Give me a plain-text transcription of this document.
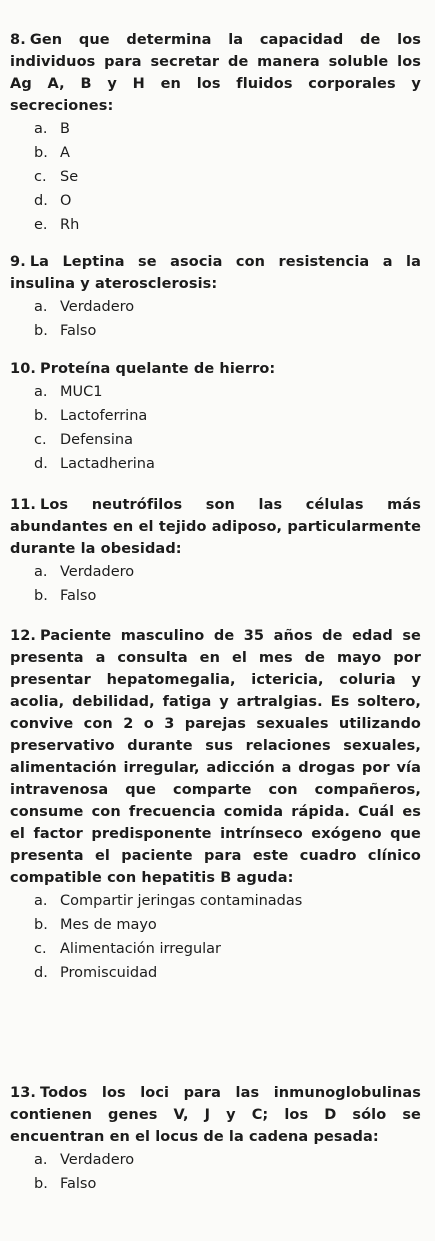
8. Gen que determina la capacidad de los individuos para secretar de manera soluble los Ag A, B y H en los fluidos corporales y secreciones:

a. B
b. A
c. Se
d. O
e. Rh

9. La Leptina se asocia con resistencia a la insulina y aterosclerosis:

a. Verdadero
b. Falso

10. Proteína quelante de hierro:

a. MUC1
b. Lactoferrina
c. Defensina
d. Lactadherina

11. Los neutrófilos son las células más abundantes en el tejido adiposo, particularmente durante la obesidad:

a. Verdadero
b. Falso

12. Paciente masculino de 35 años de edad se presenta a consulta en el mes de mayo por presentar hepatomegalia, ictericia, coluria y acolia, debilidad, fatiga y artralgias. Es soltero, convive con 2 o 3 parejas sexuales utilizando preservativo durante sus relaciones sexuales, alimentación irregular, adicción a drogas por vía intravenosa que comparte con compañeros, consume con frecuencia comida rápida. Cuál es el factor predisponente intrínseco exógeno que presenta el paciente para este cuadro clínico compatible con hepatitis B aguda:

a. Compartir jeringas contaminadas
b. Mes de mayo
c. Alimentación irregular
d. Promiscuidad

13. Todos los loci para las inmunoglobulinas contienen genes V, J y C; los D sólo se encuentran en el locus de la cadena pesada:

a. Verdadero
b. Falso
